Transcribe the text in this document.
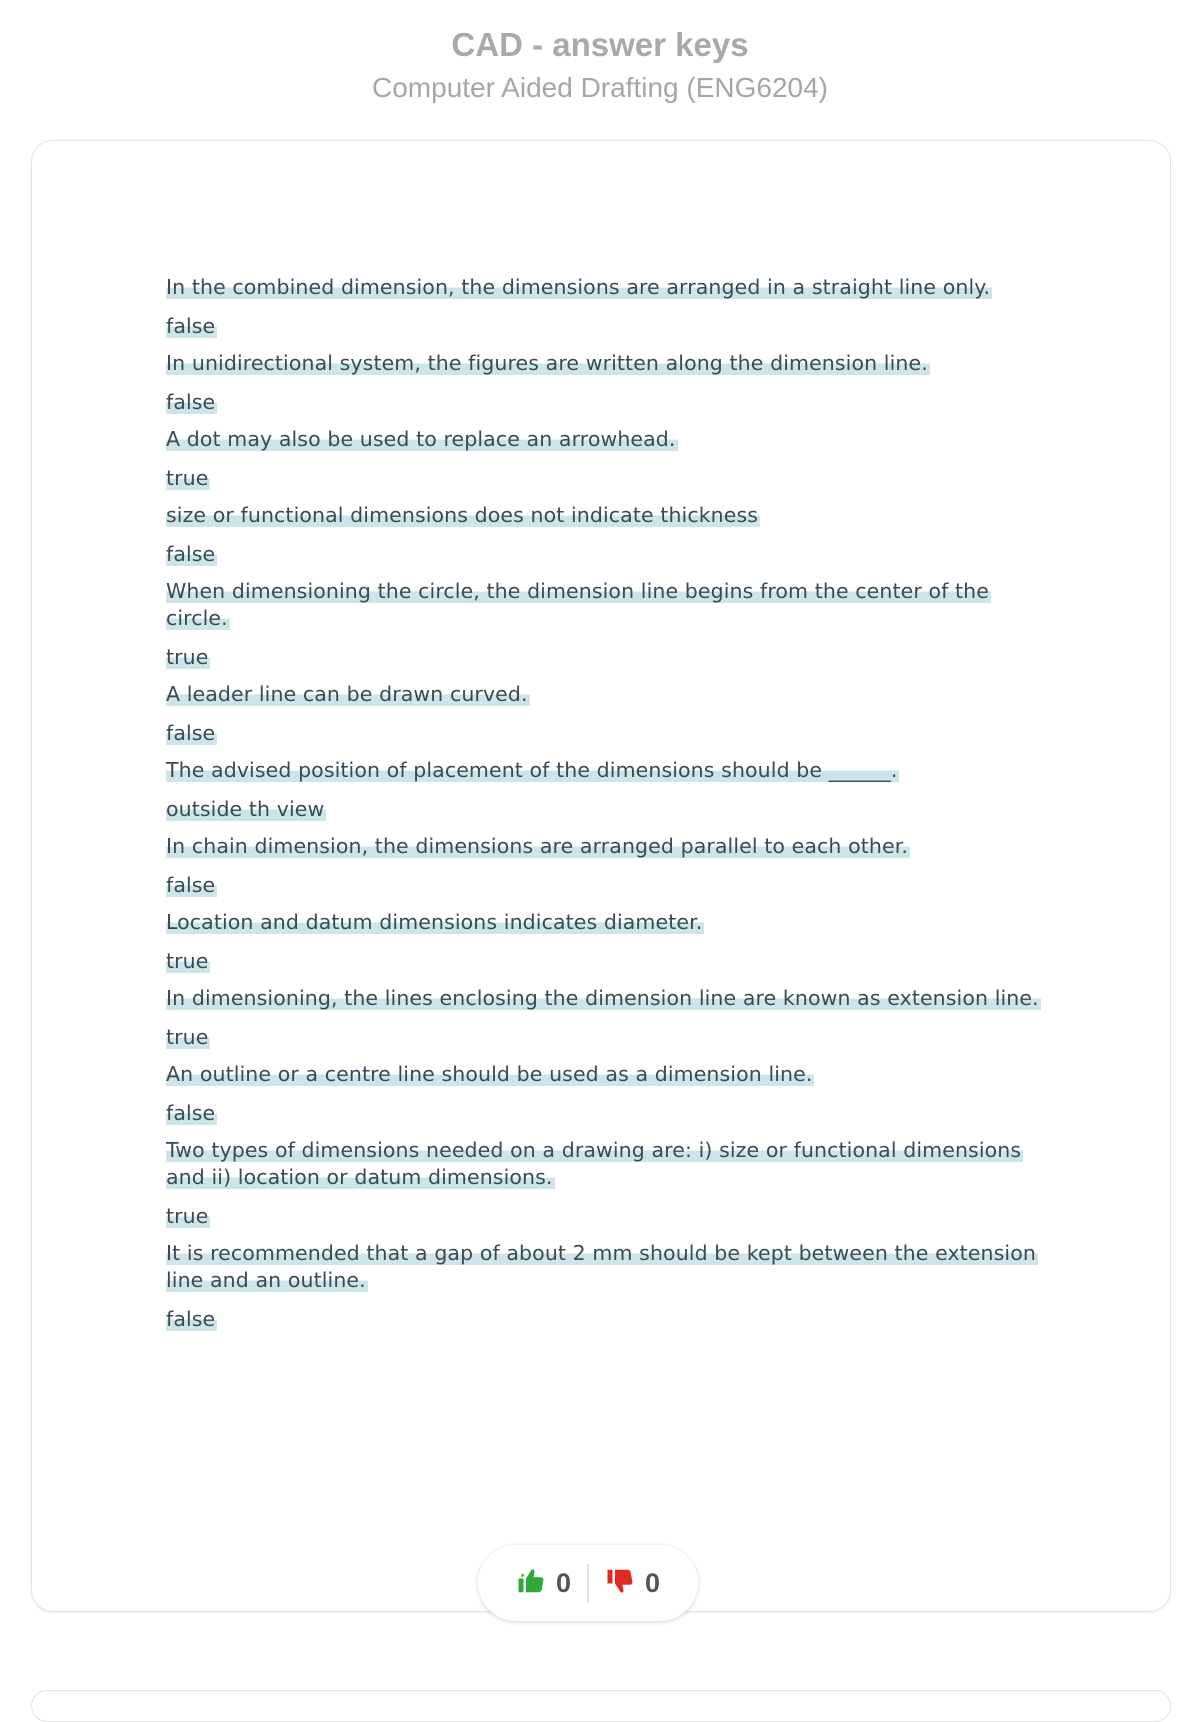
CAD - answer keys
Computer Aided Drafting (ENG6204)
In the combined dimension, the dimensions are arranged in a straight line only.
false
In unidirectional system, the figures are written along the dimension line.
false
A dot may also be used to replace an arrowhead.
true
size or functional dimensions does not indicate thickness
false
When dimensioning the circle, the dimension line begins from the center of the circle.
true
A leader line can be drawn curved.
false
The advised position of placement of the dimensions should be ______.
outside th view
In chain dimension, the dimensions are arranged parallel to each other.
false
Location and datum dimensions indicates diameter.
true
In dimensioning, the lines enclosing the dimension line are known as extension line.
true
An outline or a centre line should be used as a dimension line.
false
Two types of dimensions needed on a drawing are: i) size or functional dimensions and ii) location or datum dimensions.
true
It is recommended that a gap of about 2 mm should be kept between the extension line and an outline.
false
0	0
